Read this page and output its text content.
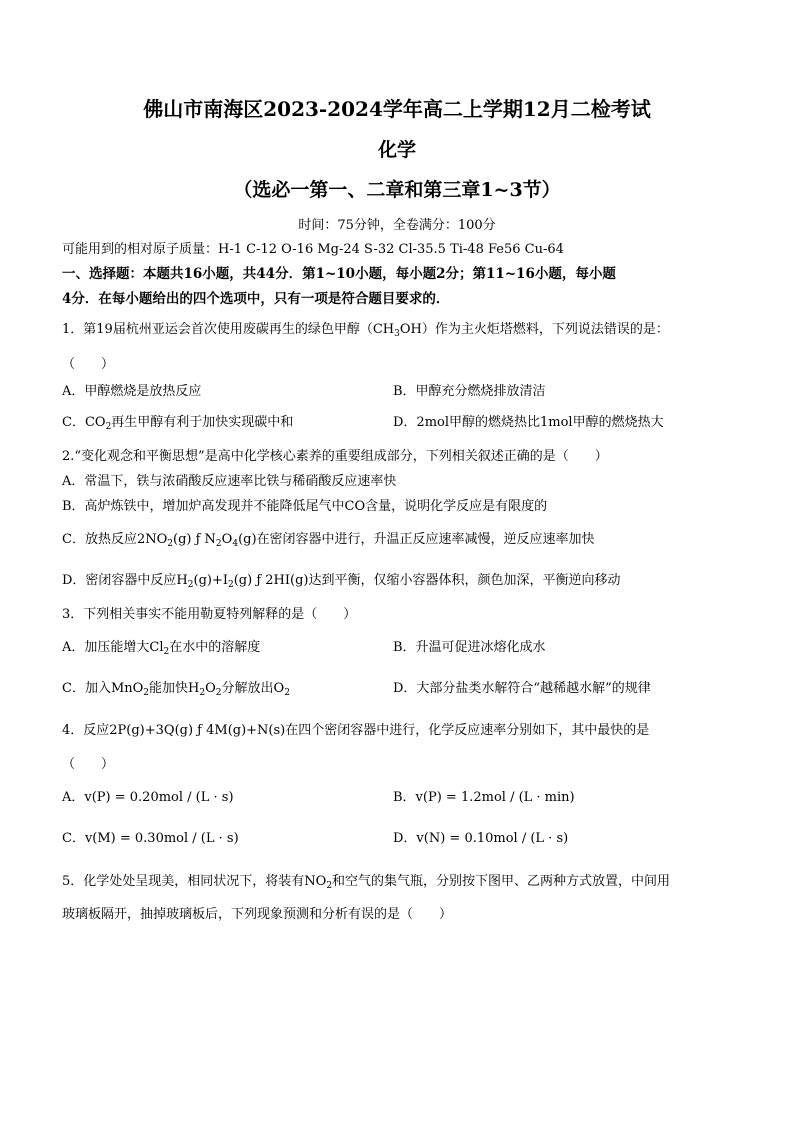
佛山市南海区2023-2024学年高二上学期12月二检考试
化学
（选必一第一、二章和第三章1~3节）
时间：75分钟，全卷满分：100分
可能用到的相对原子质量：H-1 C-12 O-16 Mg-24 S-32 Cl-35.5 Ti-48 Fe56 Cu-64
一、选择题：本题共16小题，共44分．第1~10小题，每小题2分；第11~16小题，每小题
4分．在每小题给出的四个选项中，只有一项是符合题目要求的．
1．第19届杭州亚运会首次使用废碳再生的绿色甲醇$(CH_3OH)$作为主火炬塔燃料，下列说法错误的是：
（　　）
A．甲醇燃烧是放热反应	B．甲醇充分燃烧排放清洁
C．$CO_2$再生甲醇有利于加快实现碳中和	D．2mol甲醇的燃烧热比1mol甲醇的燃烧热大
2.“变化观念和平衡思想”是高中化学核心素养的重要组成部分，下列相关叙述正确的是（　　）
A．常温下，铁与浓硝酸反应速率比铁与稀硝酸反应速率快
B．高炉炼铁中，增加炉高发现并不能降低尾气中CO含量，说明化学反应是有限度的
C．放热反应$2NO_2(g)$ ƒ $N_2O_4(g)$在密闭容器中进行，升温正反应速率减慢，逆反应速率加快
D．密闭容器中反应$H_2(g)+I_2(g)$ ƒ 2HI(g)达到平衡，仅缩小容器体积，颜色加深，平衡逆向移动
3．下列相关事实不能用勒夏特列解释的是（　　）
A．加压能增大$Cl_2$在水中的溶解度	B．升温可促进冰熔化成水
C．加入MnO$_2$能加快$H_2O_2$分解放出$O_2$	D．大部分盐类水解符合“越稀越水解”的规律
4．反应2P(g)+3Q(g) ƒ 4M(g)+N(s)在四个密闭容器中进行，化学反应速率分别如下，其中最快的是
（　　）
A．v(P) = 0.20mol / (L · s)	B．v(P) = 1.2mol / (L · min)
C．v(M) = 0.30mol / (L · s)	D．v(N) = 0.10mol / (L · s)
5．化学处处呈现美，相同状况下，将装有$NO_2$和空气的集气瓶，分别按下图甲、乙两种方式放置，中间用
玻璃板隔开，抽掉玻璃板后，下列现象预测和分析有误的是（　　）
